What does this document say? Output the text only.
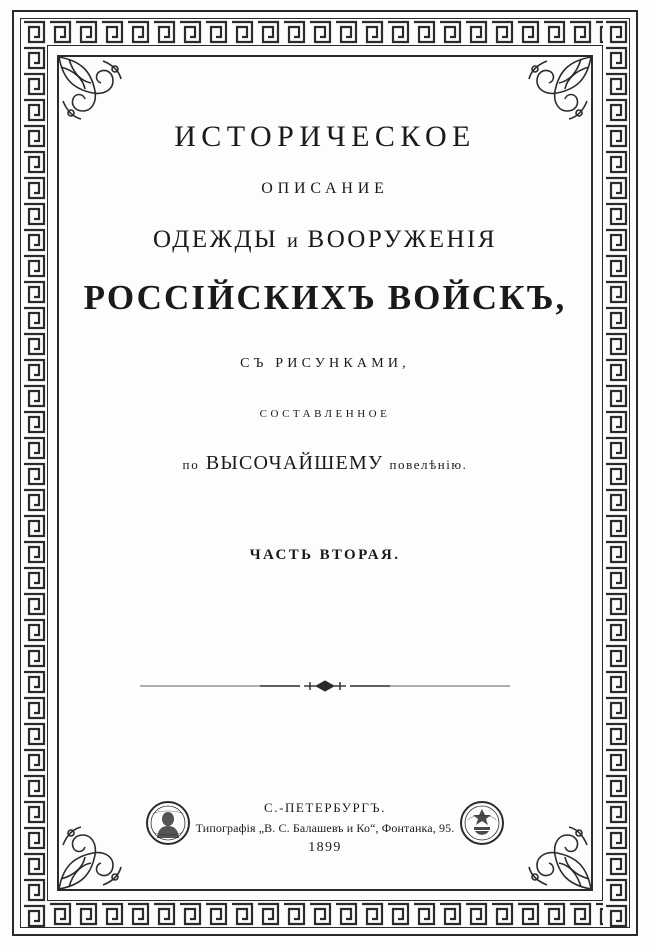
ИСТОРИЧЕСКОЕ
ОПИСАНИЕ
ОДЕЖДЫ и ВООРУЖЕНІЯ
РОССІЙСКИХЪ ВОЙСКЪ,
СЪ РИСУНКАМИ,
СОСТАВЛЕННОЕ
по ВЫСОЧАЙШЕМУ повелѣнію.
ЧАСТЬ ВТОРАЯ.
С.-ПЕТЕРБУРГЪ.
Типографія „В. С. Балашевъ и Ко“, Фонтанка, 95.
1899
